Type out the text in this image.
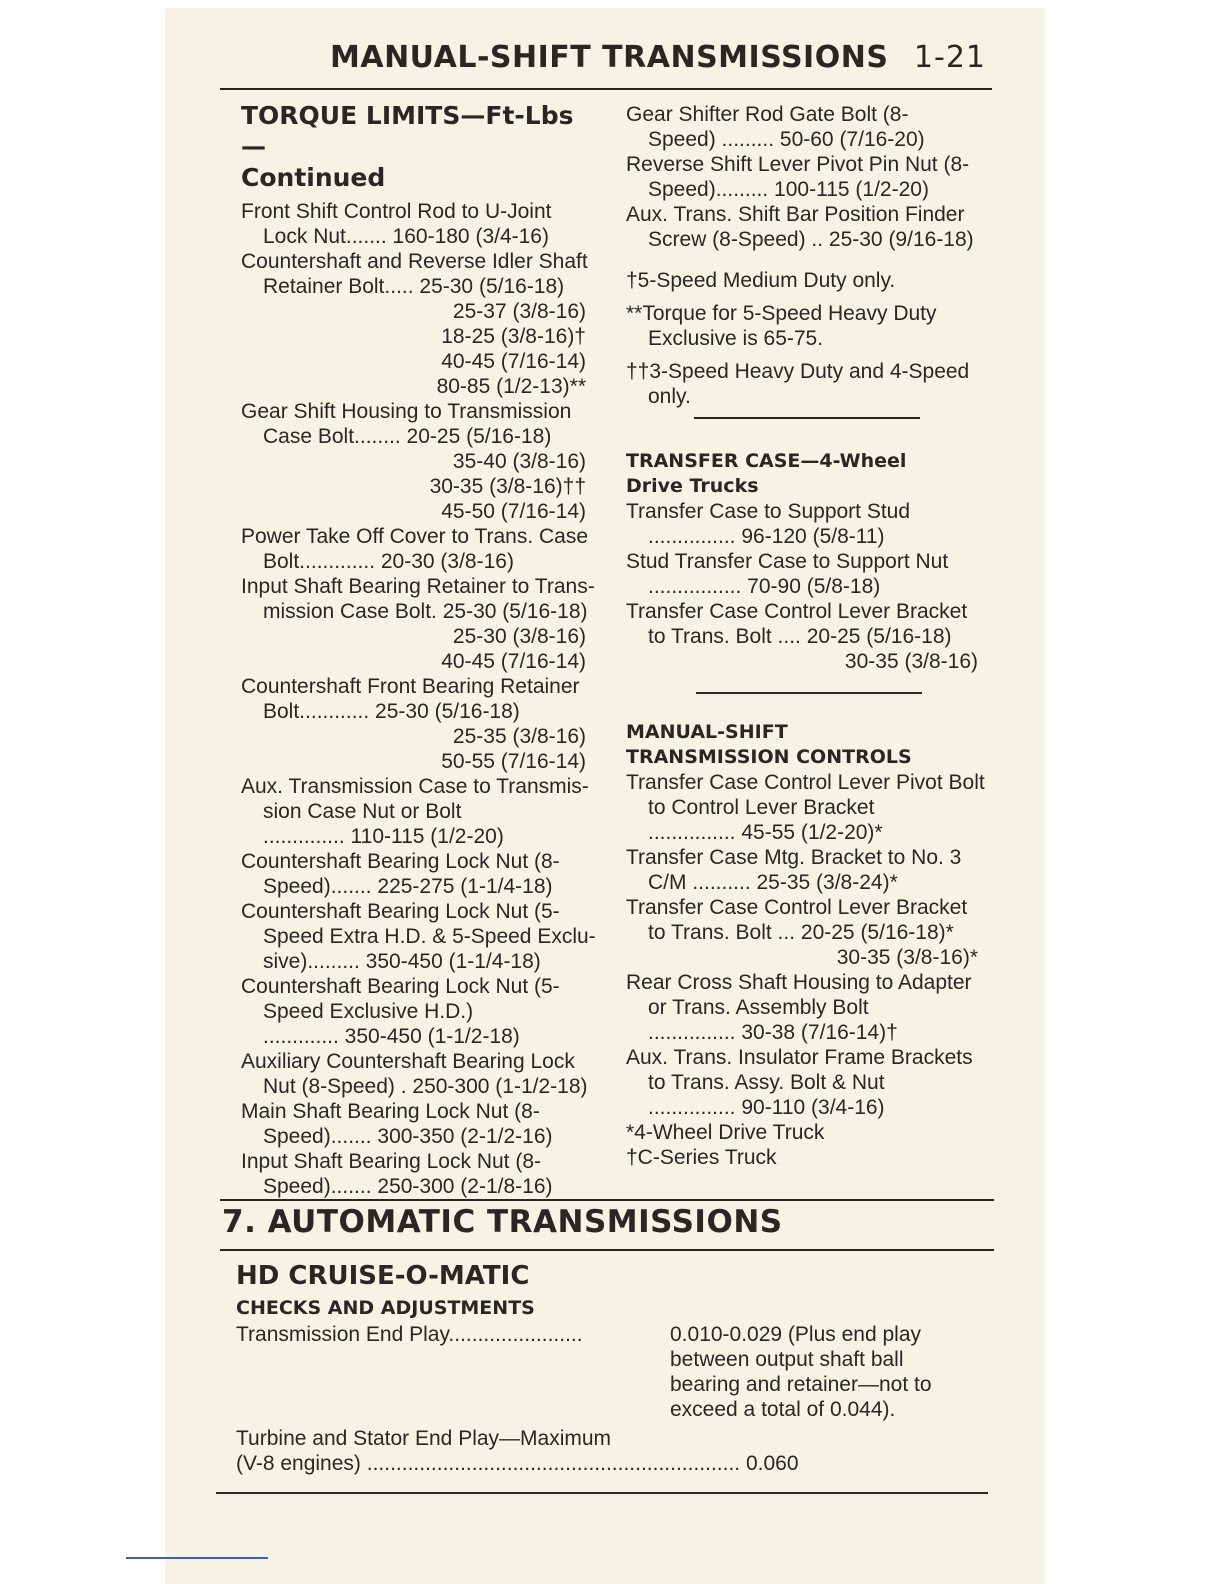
MANUAL-SHIFT TRANSMISSIONS 1-21
TORQUE LIMITS—Ft-Lbs—
Continued
Front Shift Control Rod to U-Joint
Lock Nut....... 160-180 (3/4-16)
Countershaft and Reverse Idler Shaft
Retainer Bolt..... 25-30 (5/16-18)
25-37 (3/8-16)
18-25 (3/8-16)†
40-45 (7/16-14)
80-85 (1/2-13)**
Gear Shift Housing to Transmission
Case Bolt........ 20-25 (5/16-18)
35-40 (3/8-16)
30-35 (3/8-16)††
45-50 (7/16-14)
Power Take Off Cover to Trans. Case
Bolt............. 20-30 (3/8-16)
Input Shaft Bearing Retainer to Trans-
mission Case Bolt. 25-30 (5/16-18)
25-30 (3/8-16)
40-45 (7/16-14)
Countershaft Front Bearing Retainer
Bolt............ 25-30 (5/16-18)
25-35 (3/8-16)
50-55 (7/16-14)
Aux. Transmission Case to Transmis-
sion Case Nut or Bolt
.............. 110-115 (1/2-20)
Countershaft Bearing Lock Nut (8-
Speed)....... 225-275 (1-1/4-18)
Countershaft Bearing Lock Nut (5-
Speed Extra H.D. & 5-Speed Exclu-
sive)......... 350-450 (1-1/4-18)
Countershaft Bearing Lock Nut (5-
Speed Exclusive H.D.)
............. 350-450 (1-1/2-18)
Auxiliary Countershaft Bearing Lock
Nut (8-Speed) . 250-300 (1-1/2-18)
Main Shaft Bearing Lock Nut (8-
Speed)....... 300-350 (2-1/2-16)
Input Shaft Bearing Lock Nut (8-
Speed)....... 250-300 (2-1/8-16)
Gear Shifter Rod Gate Bolt (8-
Speed) ......... 50-60 (7/16-20)
Reverse Shift Lever Pivot Pin Nut (8-
Speed)......... 100-115 (1/2-20)
Aux. Trans. Shift Bar Position Finder
Screw (8-Speed) .. 25-30 (9/16-18)
†5-Speed Medium Duty only.
**Torque for 5-Speed Heavy Duty
Exclusive is 65-75.
††3-Speed Heavy Duty and 4-Speed
only.
TRANSFER CASE—4-Wheel
Drive Trucks
Transfer Case to Support Stud
............... 96-120 (5/8-11)
Stud Transfer Case to Support Nut
................ 70-90 (5/8-18)
Transfer Case Control Lever Bracket
to Trans. Bolt .... 20-25 (5/16-18)
30-35 (3/8-16)
MANUAL-SHIFT
TRANSMISSION CONTROLS
Transfer Case Control Lever Pivot Bolt
to Control Lever Bracket
............... 45-55 (1/2-20)*
Transfer Case Mtg. Bracket to No. 3
C/M .......... 25-35 (3/8-24)*
Transfer Case Control Lever Bracket
to Trans. Bolt ... 20-25 (5/16-18)*
30-35 (3/8-16)*
Rear Cross Shaft Housing to Adapter
or Trans. Assembly Bolt
............... 30-38 (7/16-14)†
Aux. Trans. Insulator Frame Brackets
to Trans. Assy. Bolt & Nut
............... 90-110 (3/4-16)
*4-Wheel Drive Truck
†C-Series Truck
7. AUTOMATIC TRANSMISSIONS
HD CRUISE-O-MATIC
CHECKS AND ADJUSTMENTS
Transmission End Play.......................	0.010-0.029 (Plus end play between output shaft ball bearing and retainer—not to exceed a total of 0.044).
Turbine and Stator End Play—Maximum
(V-8 engines) ................................................................ 0.060
